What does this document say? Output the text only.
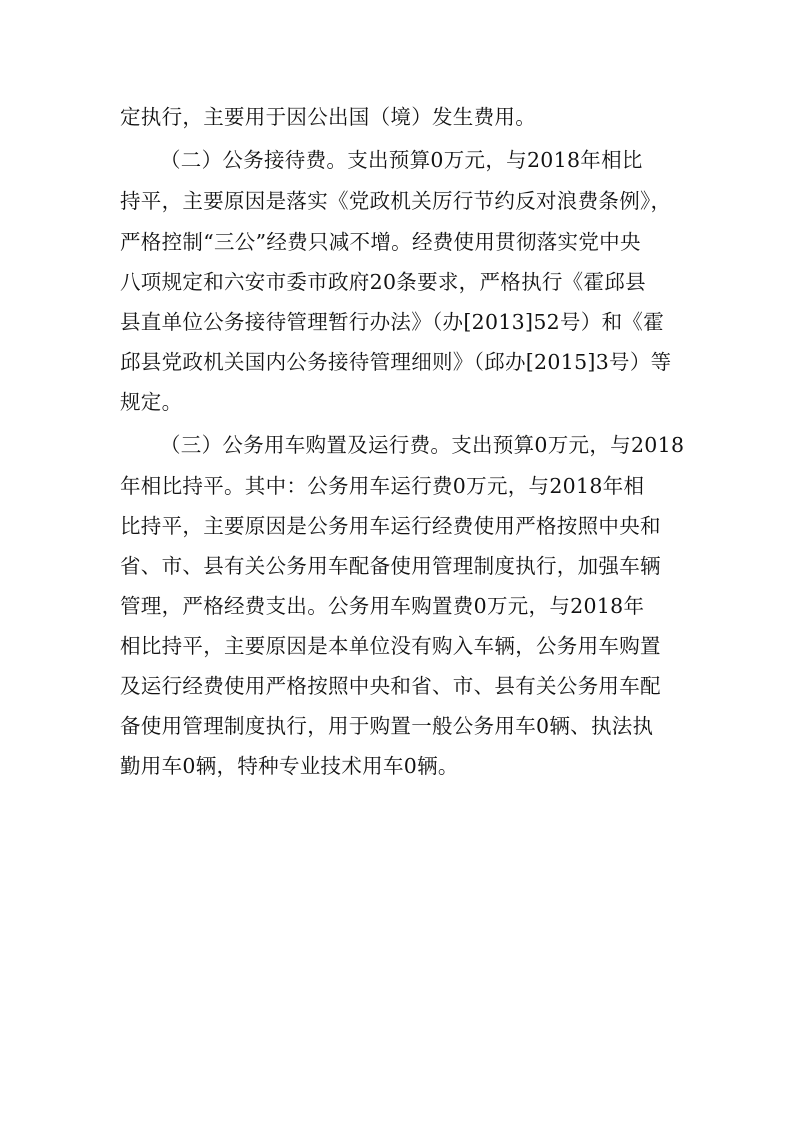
定执行，主要用于因公出国（境）发生费用。
（二）公务接待费。支出预算0万元，与2018年相比
持平，主要原因是落实《党政机关厉行节约反对浪费条例》，
严格控制“三公”经费只减不增。经费使用贯彻落实党中央
八项规定和六安市委市政府20条要求，严格执行《霍邱县
县直单位公务接待管理暂行办法》（办[2013]52号）和《霍
邱县党政机关国内公务接待管理细则》（邱办[2015]3号）等
规定。
（三）公务用车购置及运行费。支出预算0万元，与2018
年相比持平。其中：公务用车运行费0万元，与2018年相
比持平，主要原因是公务用车运行经费使用严格按照中央和
省、市、县有关公务用车配备使用管理制度执行，加强车辆
管理，严格经费支出。公务用车购置费0万元，与2018年
相比持平，主要原因是本单位没有购入车辆，公务用车购置
及运行经费使用严格按照中央和省、市、县有关公务用车配
备使用管理制度执行，用于购置一般公务用车0辆、执法执
勤用车0辆，特种专业技术用车0辆。
